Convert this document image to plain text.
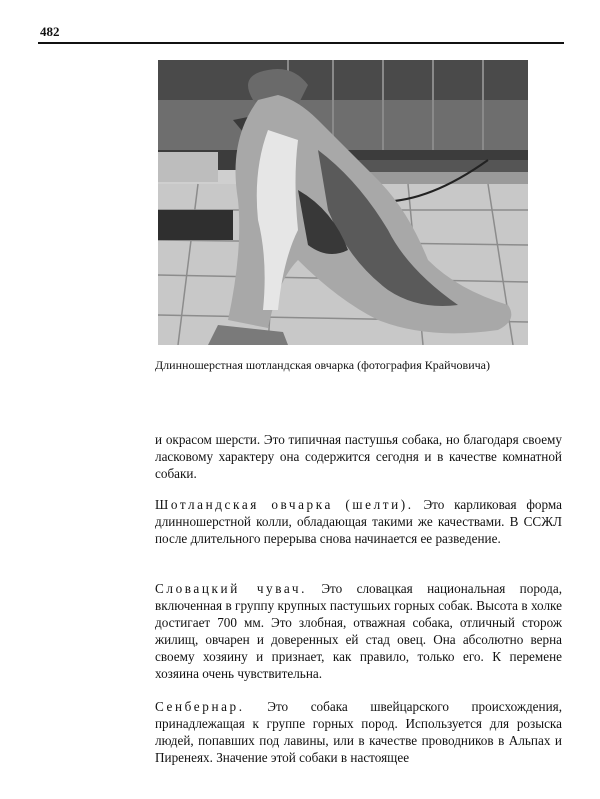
482
Длинношерстная шотландская овчарка (фотография Крайчовича)

и окрасом шерсти. Это типичная пастушья собака, но благодаря своему ласковому характеру она содержится сегодня и в качестве комнатной собаки.

Шотландская овчарка (шелти). Это карликовая форма длинношерстной колли, обладающая такими же качествами. В ССЖЛ после длительного перерыва снова начинается ее разведение.

Словацкий чувач. Это словацкая национальная порода, включенная в группу крупных пастушьих горных собак. Высота в холке достигает 700 мм. Это злобная, отважная собака, отличный сторож жилищ, овчарен и доверенных ей стад овец. Она абсолютно верна своему хозяину и признает, как правило, только его. К перемене хозяина очень чувствительна.

Сенбернар. Это собака швейцарского происхождения, принадлежащая к группе горных пород. Используется для розыска людей, попавших под лавины, или в качестве проводников в Альпах и Пиренеях. Значение этой собаки в настоящее
